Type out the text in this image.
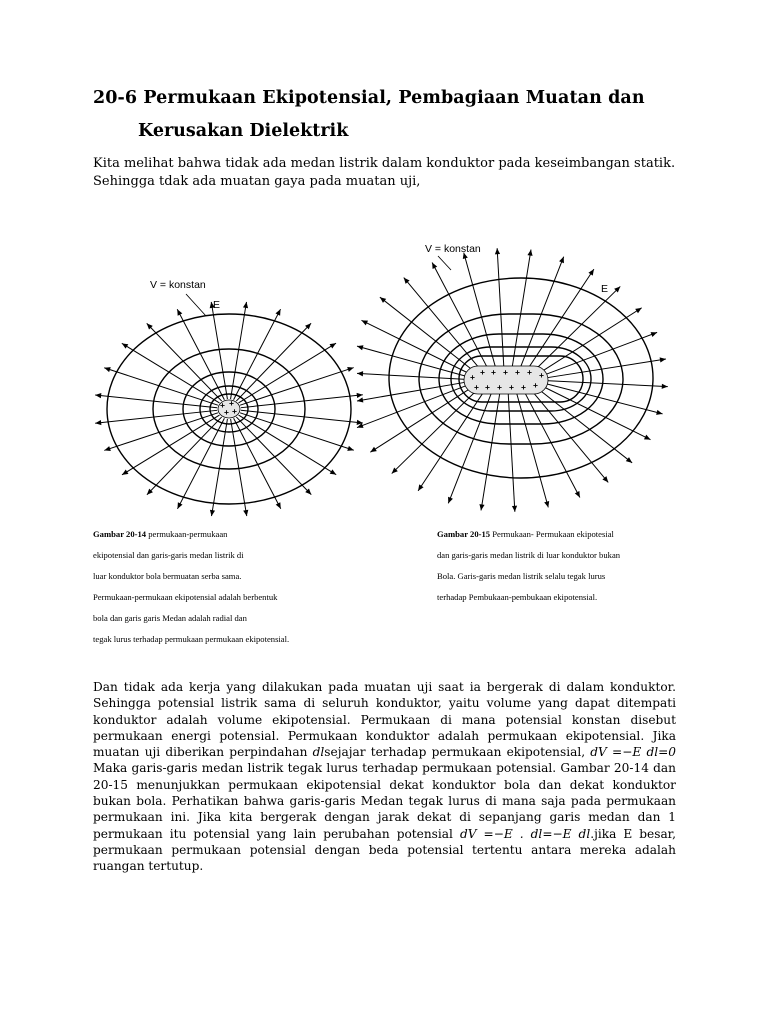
20-6 Permukaan Ekipotensial, Pembagiaan Muatan dan
Kerusakan Dielektrik
Kita melihat bahwa tidak ada medan listrik dalam konduktor pada keseimbangan statik.
Sehingga tdak ada muatan gaya pada muatan uji,
+ +
+ +
V = konstan
E
+ + + + + + +
+ + + + + +
V = konstan
E
Gambar 20-14 permukaan-permukaan
ekipotensial dan garis-garis medan listrik di
luar konduktor bola bermuatan serba sama.
Permukaan-permukaan ekipotensial adalah berbentuk
bola dan garis garis Medan adalah radial dan
tegak lurus terhadap permukaan permukaan ekipotensial.
Gambar 20-15 Permukaan- Permukaan ekipotesial
dan garis-garis medan listrik di luar konduktor bukan
Bola. Garis-garis medan listrik selalu tegak lurus
terhadap Pembukaan-pembukaan ekipotensial.
Dan tidak ada kerja yang dilakukan pada muatan uji saat ia bergerak di dalam konduktor.
Sehingga potensial listrik sama di seluruh konduktor, yaitu volume yang dapat ditempati
konduktor adalah volume ekipotensial. Permukaan di mana potensial konstan disebut
permukaan energi potensial. Permukaan konduktor adalah permukaan ekipotensial. Jika
muatan uji diberikan perpindahan dlsejajar terhadap permukaan ekipotensial, dV =−E dl=0
Maka garis-garis medan listrik tegak lurus terhadap permukaan potensial. Gambar 20-14 dan
20-15 menunjukkan permukaan ekipotensial dekat konduktor bola dan dekat konduktor
bukan bola. Perhatikan bahwa garis-garis Medan tegak lurus di mana saja pada permukaan
permukaan ini. Jika kita bergerak dengan jarak dekat di sepanjang garis medan dan 1
permukaan itu potensial yang lain perubahan potensial dV =−E . dl=−E dl.jika E besar,
permukaan permukaan potensial dengan beda potensial tertentu antara mereka adalah
ruangan tertutup.
